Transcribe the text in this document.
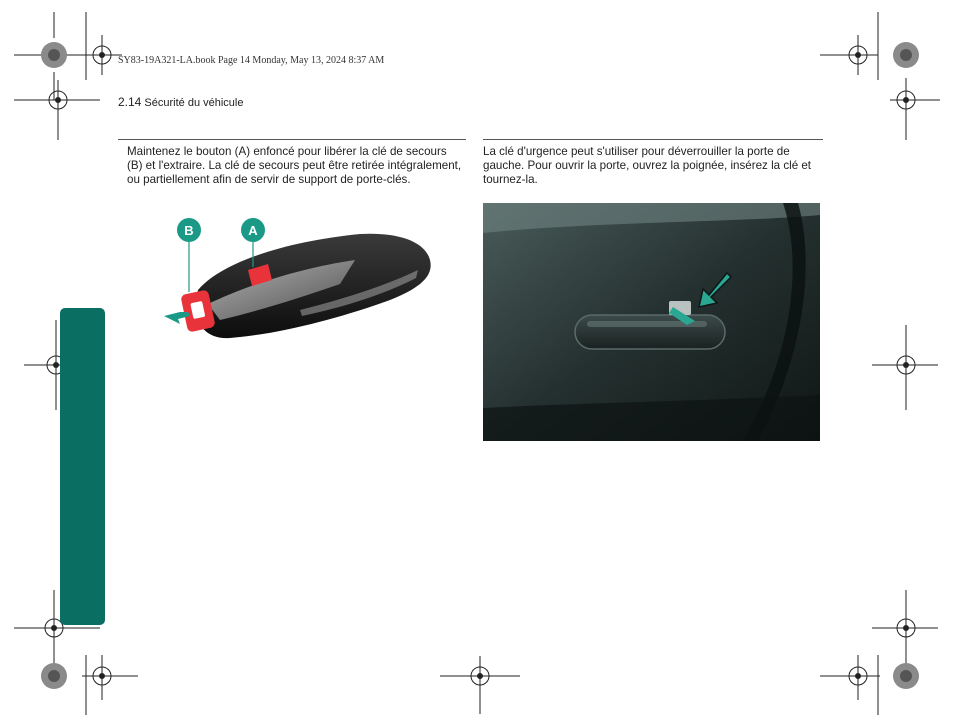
SY83-19A321-LA.book Page 14 Monday, May 13, 2024 8:37 AM
2.14 Sécurité du véhicule
Maintenez le bouton (A) enfoncé pour libérer la clé de secours (B) et l'extraire. La clé de secours peut être retirée intégralement, ou partiellement afin de servir de support de porte-clés.
La clé d'urgence peut s'utiliser pour déverrouiller la porte de gauche. Pour ouvrir la porte, ouvrez la poignée, insérez la clé et tournez-la.
B	A
